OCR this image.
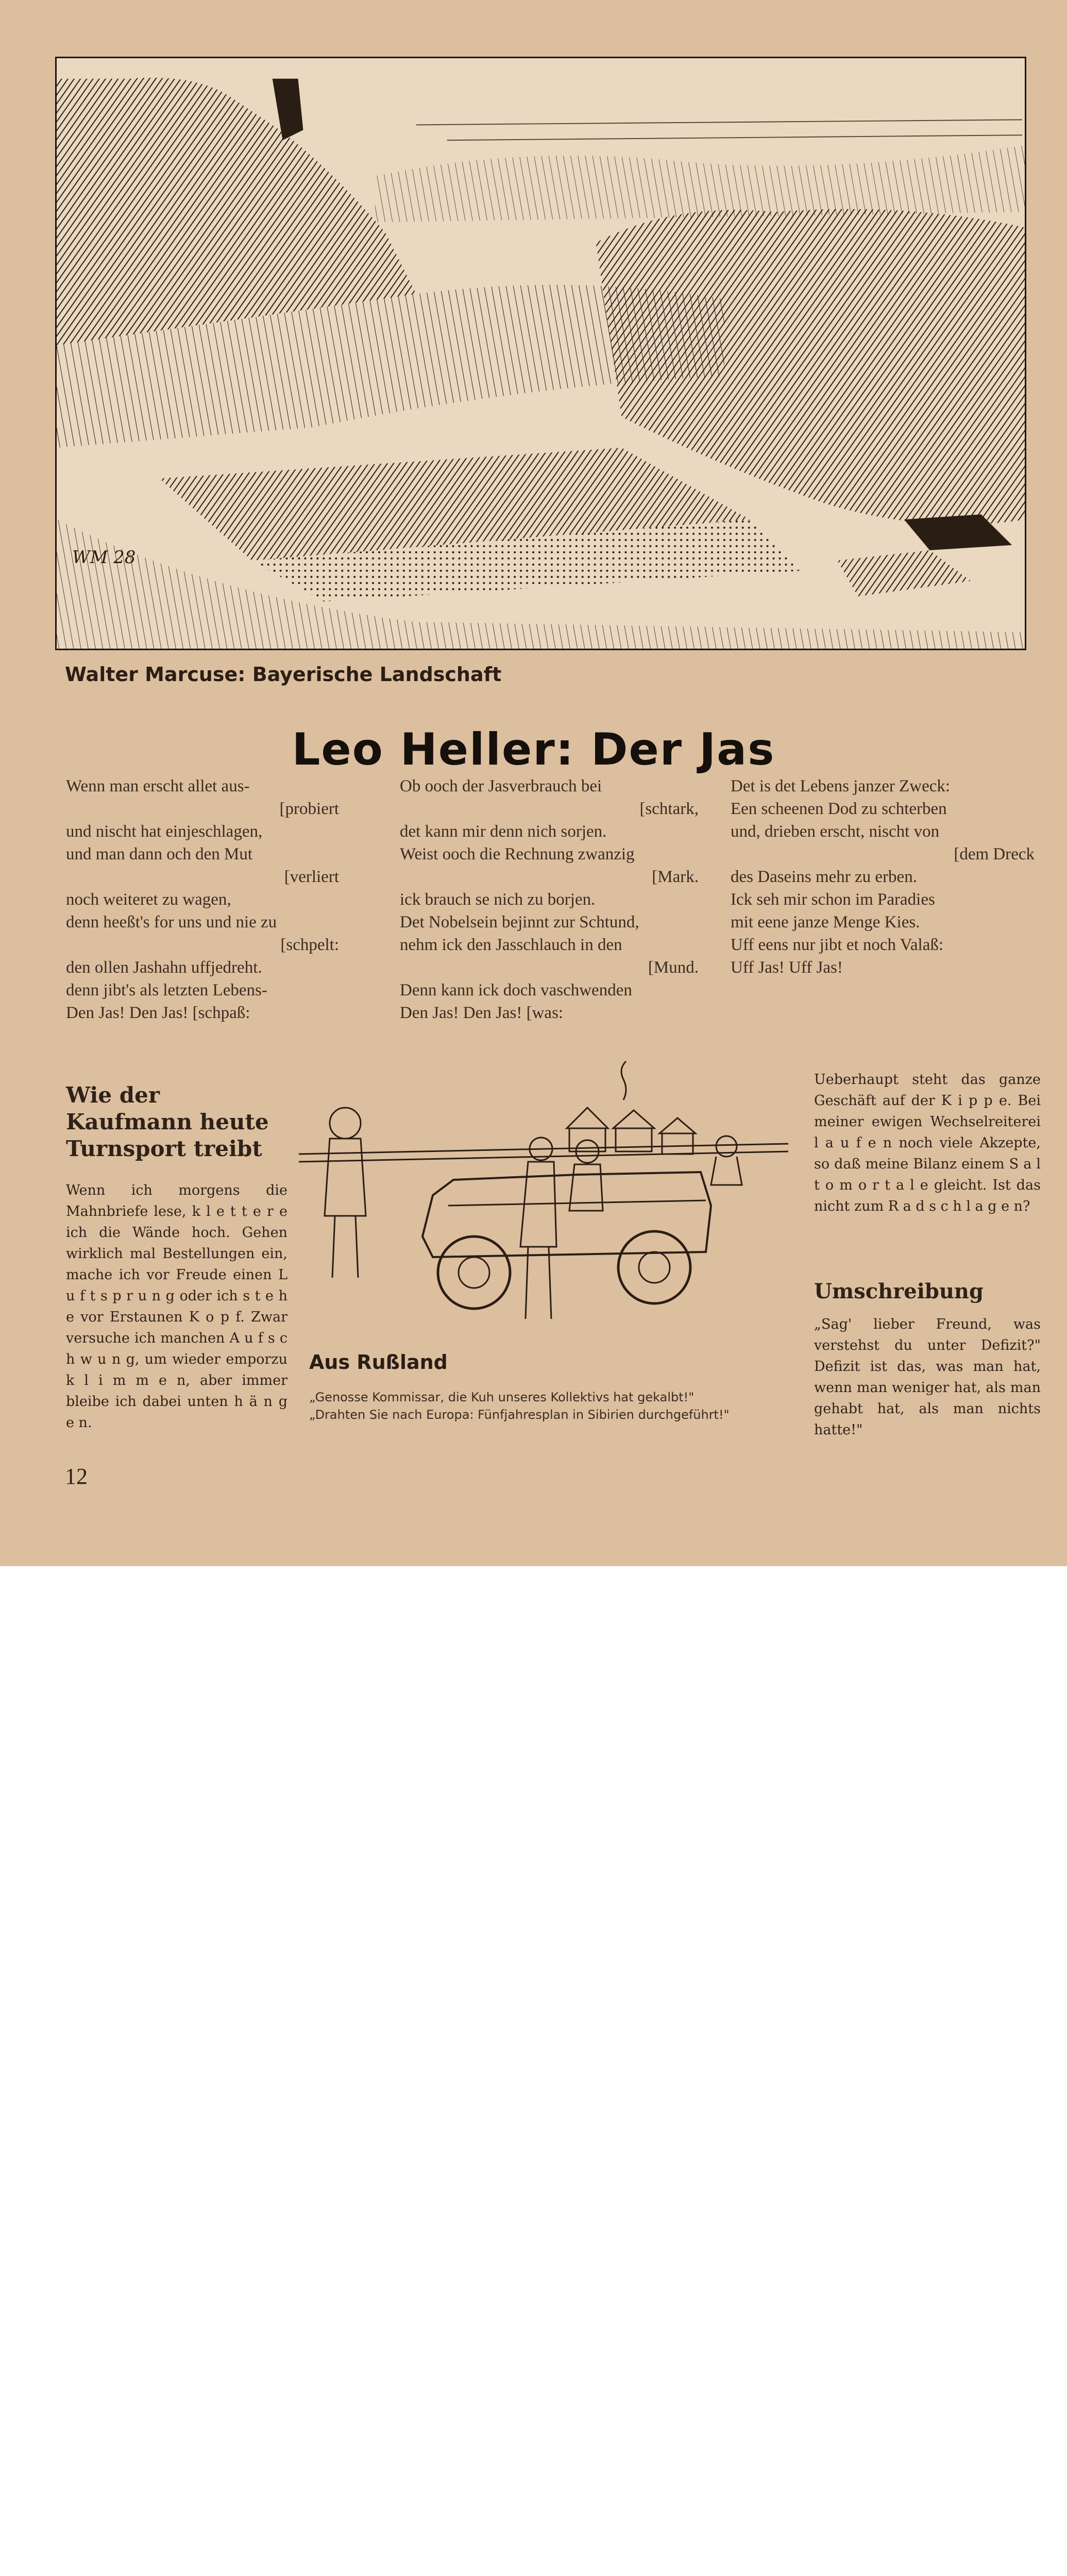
WM 28
Walter Marcuse: Bayerische Landschaft
Leo Heller: Der Jas
Wenn man erscht allet aus-
[probiert
und nischt hat einjeschlagen,
und man dann och den Mut
[verliert
noch weiteret zu wagen,
denn heeßt's for uns und nie zu
[schpelt:
den ollen Jashahn uffjedreht.
denn jibt's als letzten Lebens-
Den Jas! Den Jas! [schpaß:
Ob ooch der Jasverbrauch bei
[schtark,
det kann mir denn nich sorjen.
Weist ooch die Rechnung zwanzig
[Mark.
ick brauch se nich zu borjen.
Det Nobelsein bejinnt zur Schtund,
nehm ick den Jasschlauch in den
[Mund.
Denn kann ick doch vaschwenden
Den Jas! Den Jas! [was:
Det is det Lebens janzer Zweck:
Een scheenen Dod zu schterben
und, drieben erscht, nischt von
[dem Dreck
des Daseins mehr zu erben.
Ick seh mir schon im Paradies
mit eene janze Menge Kies.
Uff eens nur jibt et noch Valaß:
Uff Jas! Uff Jas!
Wie der Kaufmann heute Turnsport treibt
Wenn ich morgens die Mahnbriefe lese, k l e t t e r e ich die Wände hoch. Gehen wirklich mal Bestellungen ein, mache ich vor Freude einen L u f t s p r u n g oder ich s t e h e vor Erstaunen K o p f. Zwar versuche ich manchen A u f s c h w u n g, um wieder emporzu k l i m m e n, aber immer bleibe ich dabei unten h ä n g e n.
Aus Rußland
„Genosse Kommissar, die Kuh unseres Kollektivs hat gekalbt!"
„Drahten Sie nach Europa: Fünfjahresplan in Sibirien durchgeführt!"
Ueberhaupt steht das ganze Geschäft auf der K i p p e. Bei meiner ewigen Wechselreiterei l a u f e n noch viele Akzepte, so daß meine Bilanz einem S a l t o m o r t a l e gleicht. Ist das nicht zum R a d s c h l a g e n?
Umschreibung
„Sag' lieber Freund, was verstehst du unter Defizit?" Defizit ist das, was man hat, wenn man weniger hat, als man gehabt hat, als man nichts hatte!"
12
